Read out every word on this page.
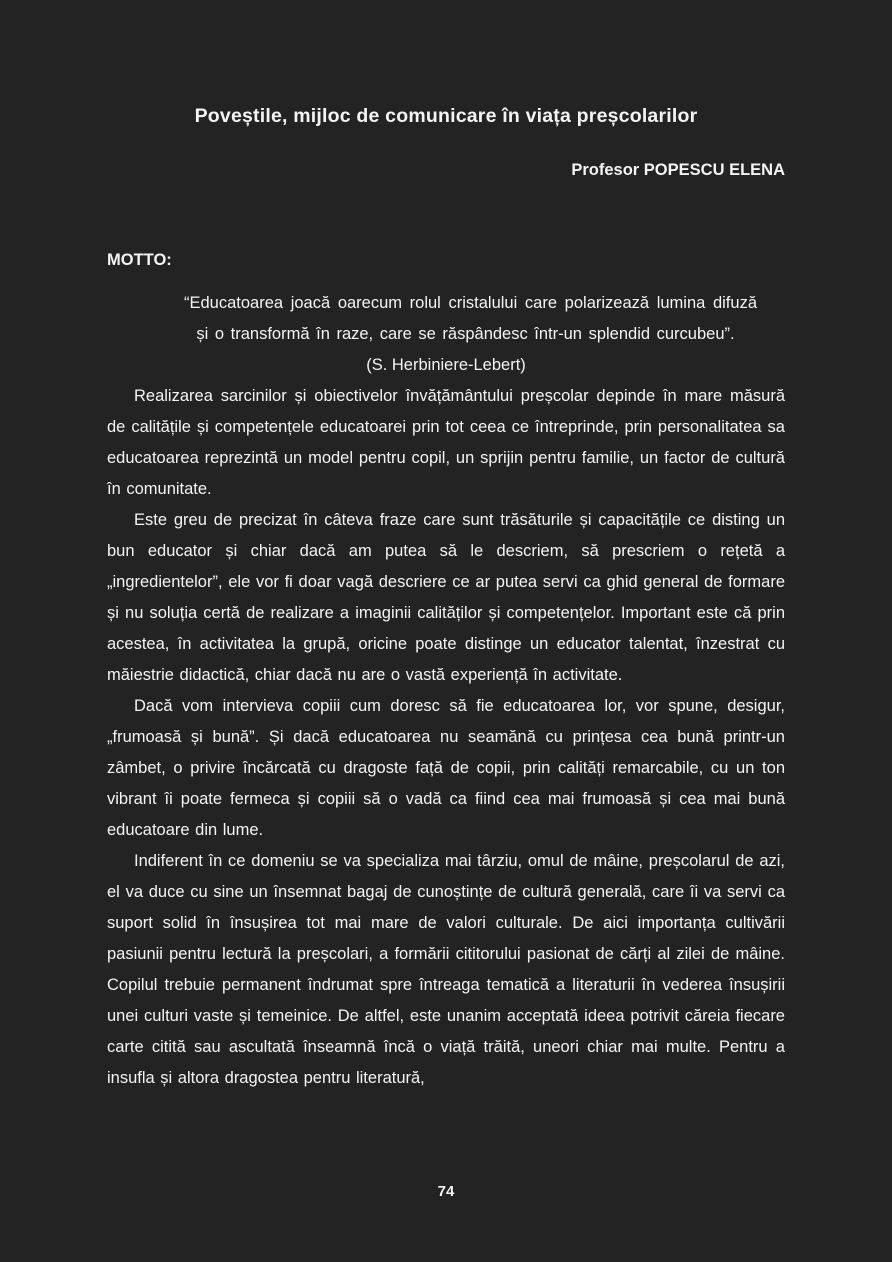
Poveștile, mijloc de comunicare în viața preșcolarilor
Profesor POPESCU ELENA
MOTTO:
“Educatoarea joacă oarecum rolul cristalului care polarizează lumina difuză și o transformă în raze, care se răspândesc într-un splendid curcubeu”.
(S. Herbiniere-Lebert)

Realizarea sarcinilor și obiectivelor învățământului preșcolar depinde în mare măsură de calitățile și competențele educatoarei prin tot ceea ce întreprinde, prin personalitatea sa educatoarea reprezintă un model pentru copil, un sprijin pentru familie, un factor de cultură în comunitate.

Este greu de precizat în câteva fraze care sunt trăsăturile și capacitățile ce disting un bun educator și chiar dacă am putea să le descriem, să prescriem o rețetă a „ingredientelor”, ele vor fi doar vagă descriere ce ar putea servi ca ghid general de formare și nu soluția certă de realizare a imaginii calităților și competențelor. Important este că prin acestea, în activitatea la grupă, oricine poate distinge un educator talentat, înzestrat cu măiestrie didactică, chiar dacă nu are o vastă experiență în activitate.

Dacă vom intervieva copiii cum doresc să fie educatoarea lor, vor spune, desigur, „frumoasă și bună”. Și dacă educatoarea nu seamănă cu prințesa cea bună printr-un zâmbet, o privire încărcată cu dragoste față de copii, prin calități remarcabile, cu un ton vibrant îi poate fermeca și copiii să o vadă ca fiind cea mai frumoasă și cea mai bună educatoare din lume.

Indiferent în ce domeniu se va specializa mai târziu, omul de mâine, preșcolarul de azi, el va duce cu sine un însemnat bagaj de cunoștințe de cultură generală, care îi va servi ca suport solid în însușirea tot mai mare de valori culturale. De aici importanța cultivării pasiunii pentru lectură la preșcolari, a formării cititorului pasionat de cărți al zilei de mâine. Copilul trebuie permanent îndrumat spre întreaga tematică a literaturii în vederea însușirii unei culturi vaste și temeinice. De altfel, este unanim acceptată ideea potrivit căreia fiecare carte citită sau ascultată înseamnă încă o viață trăită, uneori chiar mai multe. Pentru a insufla și altora dragostea pentru literatură,

74
